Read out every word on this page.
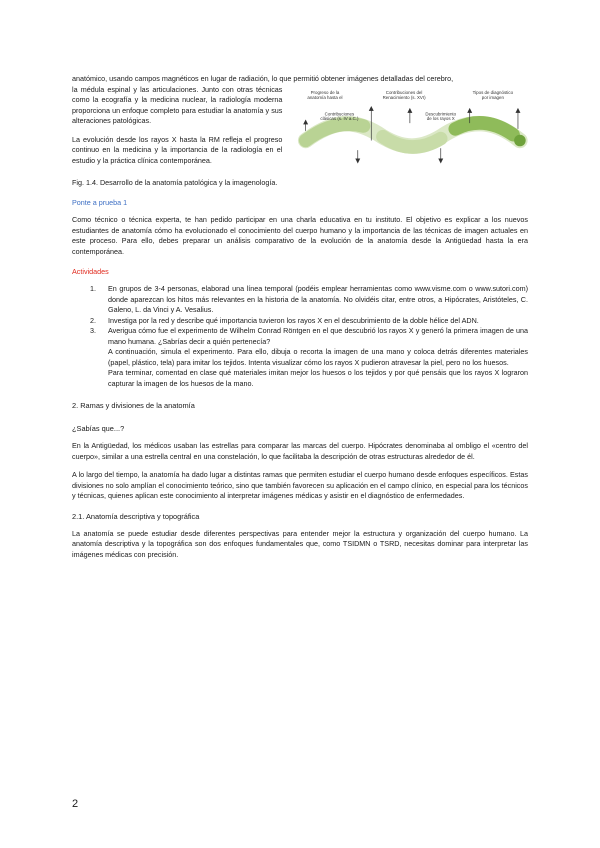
anatómico, usando campos magnéticos en lugar de radiación, lo que permitió obtener imágenes detalladas del cerebro,

la médula espinal y las articulaciones. Junto con otras técnicas como la ecografía y la medicina nuclear, la radiología moderna proporciona un enfoque completo para estudiar la anatomía y sus alteraciones patológicas.

La evolución desde los rayos X hasta la RM refleja el progreso continuo en la medicina y la importancia de la radiología en el estudio y la práctica clínica contemporánea.

Progreso de la
anatomía hasta el
Contribuciones del
Renacimiento (s. XVI)
Tipos de diagnóstico
por imagen
Contribuciones
clásicas (s. IV a.C.)
Descubrimiento
de los rayos X

Fig. 1.4. Desarrollo de la anatomía patológica y la imagenología.

Ponte a prueba 1

Como técnico o técnica experta, te han pedido participar en una charla educativa en tu instituto. El objetivo es explicar a los nuevos estudiantes de anatomía cómo ha evolucionado el conocimiento del cuerpo humano y la importancia de las técnicas de imagen actuales en este proceso. Para ello, debes preparar un análisis comparativo de la evolución de la anatomía desde la Antigüedad hasta la era contemporánea.

Actividades
1. En grupos de 3-4 personas, elaborad una línea temporal (podéis emplear herramientas como www.visme.com o www.sutori.com) donde aparezcan los hitos más relevantes en la historia de la anatomía. No olvidéis citar, entre otros, a Hipócrates, Aristóteles, C. Galeno, L. da Vinci y A. Vesalius.
2. Investiga por la red y describe qué importancia tuvieron los rayos X en el descubrimiento de la doble hélice del ADN.
3. Averigua cómo fue el experimento de Wilhelm Conrad Röntgen en el que descubrió los rayos X y generó la primera imagen de una mano humana. ¿Sabrías decir a quién pertenecía?
A continuación, simula el experimento. Para ello, dibuja o recorta la imagen de una mano y coloca detrás diferentes materiales (papel, plástico, tela) para imitar los tejidos. Intenta visualizar cómo los rayos X pudieron atravesar la piel, pero no los huesos.
Para terminar, comentad en clase qué materiales imitan mejor los huesos o los tejidos y por qué pensáis que los rayos X lograron capturar la imagen de los huesos de la mano.
2. Ramas y divisiones de la anatomía
¿Sabías que...?

En la Antigüedad, los médicos usaban las estrellas para comparar las marcas del cuerpo. Hipócrates denominaba al ombligo el «centro del cuerpo», similar a una estrella central en una constelación, lo que facilitaba la descripción de otras estructuras alrededor de él.

A lo largo del tiempo, la anatomía ha dado lugar a distintas ramas que permiten estudiar el cuerpo humano desde enfoques específicos. Estas divisiones no solo amplían el conocimiento teórico, sino que también favorecen su aplicación en el campo clínico, en especial para los técnicos y técnicas, quienes aplican este conocimiento al interpretar imágenes médicas y asistir en el diagnóstico de enfermedades.

2.1. Anatomía descriptiva y topográfica

La anatomía se puede estudiar desde diferentes perspectivas para entender mejor la estructura y organización del cuerpo humano. La anatomía descriptiva y la topográfica son dos enfoques fundamentales que, como TSIDMN o TSRD, necesitas dominar para interpretar las imágenes médicas con precisión.

2
